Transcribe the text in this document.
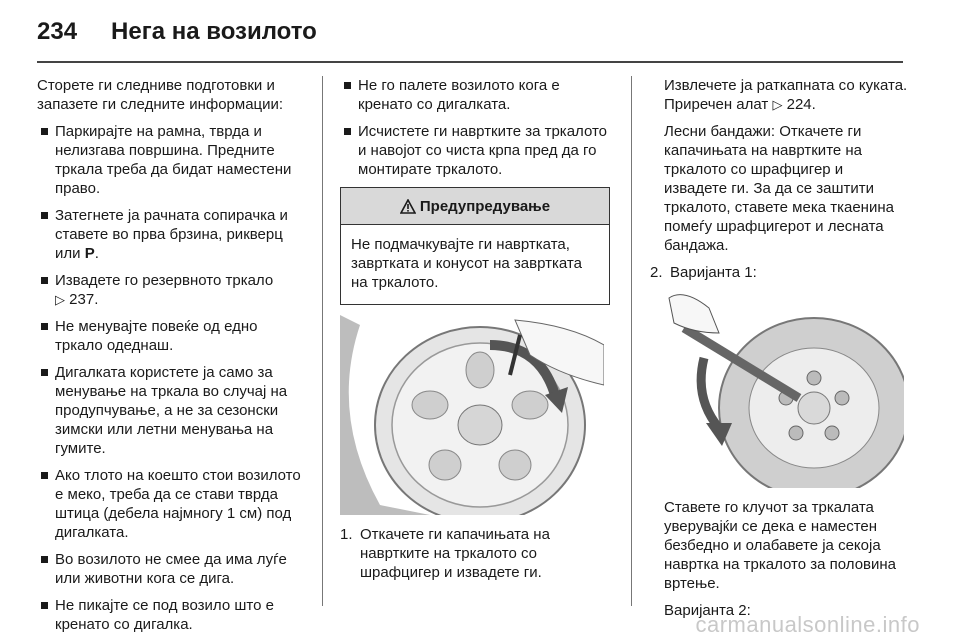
234 Нега на возилото

Сторете ги следниве подготовки и запазете ги следните информации:

Паркирајте на рамна, тврда и нелизгава површина. Предните тркала треба да бидат наместени право.
Затегнете ја рачната сопирачка и ставете во прва брзина, рикверц или P.
Извадете го резервното тркало
▷ 237.
Не менувајте повеќе од едно тркало одеднаш.
Дигалката користете ја само за менување на тркала во случај на продупчување, а не за сезонски зимски или летни менувања на гумите.
Ако тлото на коешто стои возилото е меко, треба да се стави тврда штица (дебела најмногу 1 см) под дигалката.
Во возилото не смее да има луѓе или животни кога се дига.
Не пикајте се под возило што е кренато со дигалка.
Не го палете возилото кога е кренато со дигалката.
Исчистете ги навртките за тркалото и навојот со чиста крпа пред да го монтирате тркалото.
Предупредување
Не подмачкувајте ги навртката, завртката и конусот на завртката на тркалото.
1. Откачете ги капачињата на навртките на тркалото со шрафцигер и извадете ги.

Извлечете ја раткапната со куката. Приречен алат ▷ 224.

Лесни бандажи: Откачете ги капачињата на навртките на тркалото со шрафцигер и извадете ги. За да се заштити тркалото, ставете мека ткаенина помеѓу шрафцигерот и лесната бандажа.

2. Варијанта 1:

Ставете го клучот за тркалата уверувајќи се дека е наместен безбедно и олабавете ја секоја навртка на тркалото за половина вртење.

Варијанта 2:

carmanualsonline.info
